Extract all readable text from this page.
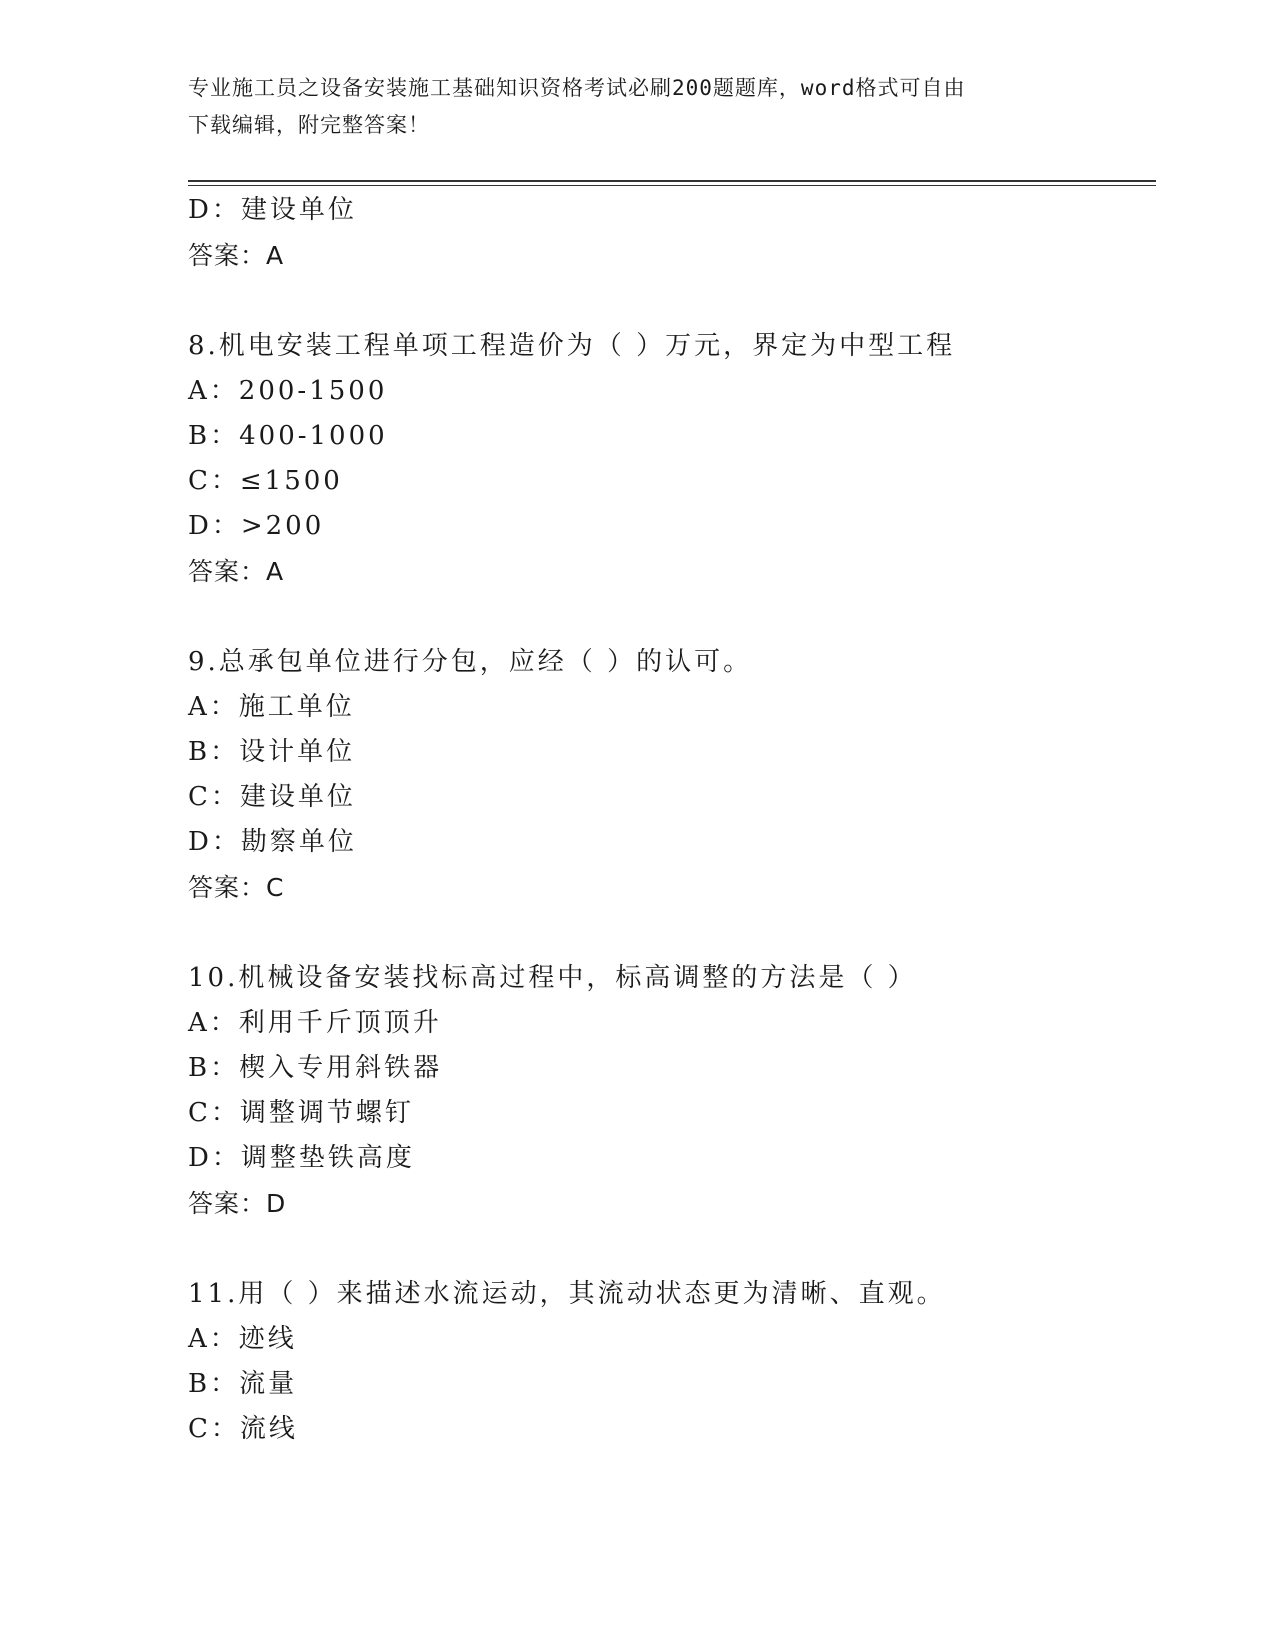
专业施工员之设备安装施工基础知识资格考试必刷200题题库，word格式可自由
下载编辑，附完整答案！
D：建设单位
答案：A
8.机电安装工程单项工程造价为（ ）万元，界定为中型工程
A：200-1500
B：400-1000
C：≤1500
D：>200
答案：A
9.总承包单位进行分包，应经（ ）的认可。
A：施工单位
B：设计单位
C：建设单位
D：勘察单位
答案：C
10.机械设备安装找标高过程中，标高调整的方法是（ ）
A：利用千斤顶顶升
B：楔入专用斜铁器
C：调整调节螺钉
D：调整垫铁高度
答案：D
11.用（ ）来描述水流运动，其流动状态更为清晰、直观。
A：迹线
B：流量
C：流线
